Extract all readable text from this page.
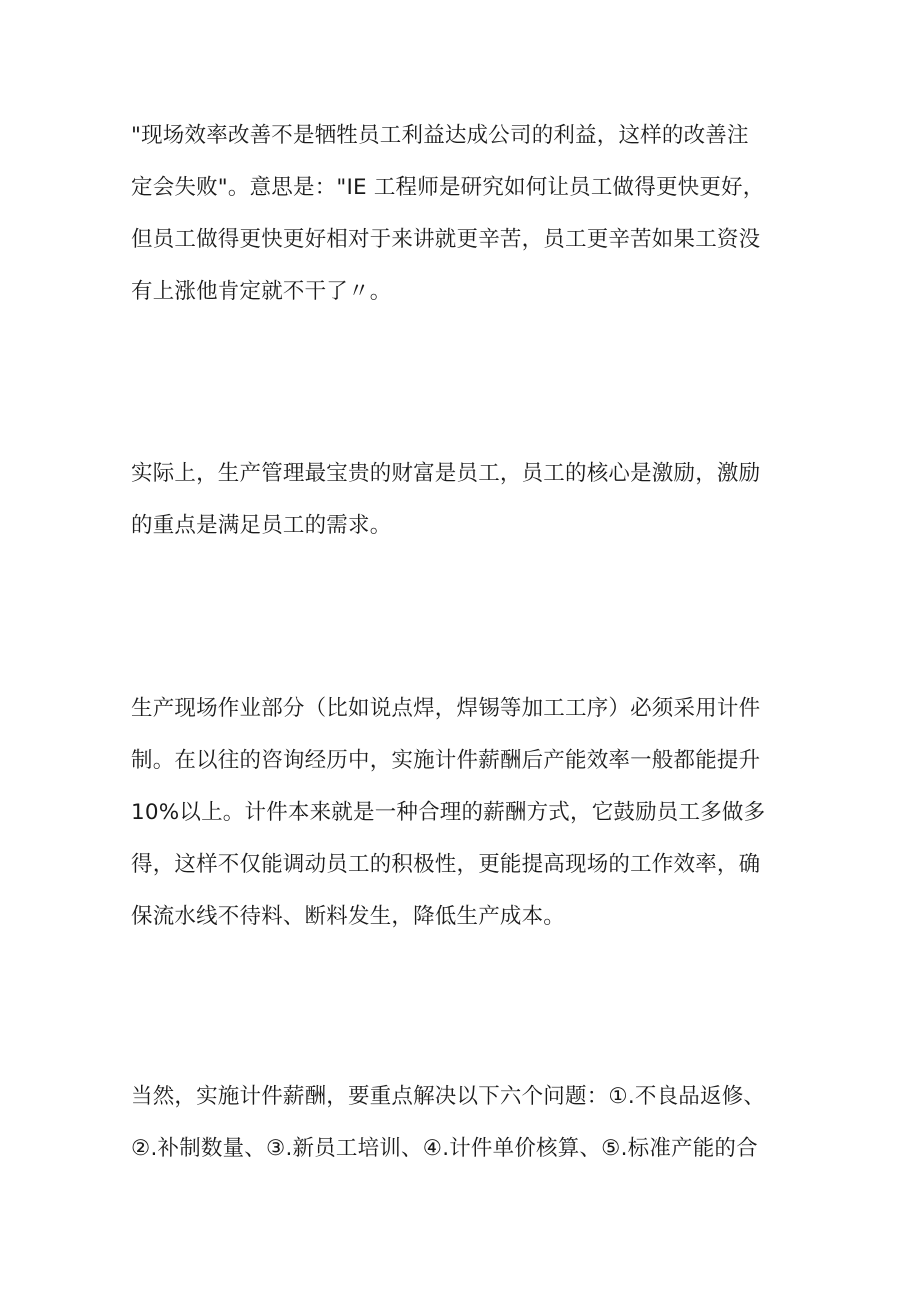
"现场效率改善不是牺牲员工利益达成公司的利益，这样的改善注
定会失败"。意思是："IE 工程师是研究如何让员工做得更快更好，
但员工做得更快更好相对于来讲就更辛苦，员工更辛苦如果工资没
有上涨他肯定就不干了〃。

实际上，生产管理最宝贵的财富是员工，员工的核心是激励，激励
的重点是满足员工的需求。

生产现场作业部分（比如说点焊，焊锡等加工工序）必须采用计件
制。在以往的咨询经历中，实施计件薪酬后产能效率一般都能提升
10%以上。计件本来就是一种合理的薪酬方式，它鼓励员工多做多
得，这样不仅能调动员工的积极性，更能提高现场的工作效率，确
保流水线不待料、断料发生，降低生产成本。

当然，实施计件薪酬，要重点解决以下六个问题：①.不良品返修、
②.补制数量、③.新员工培训、④.计件单价核算、⑤.标准产能的合
